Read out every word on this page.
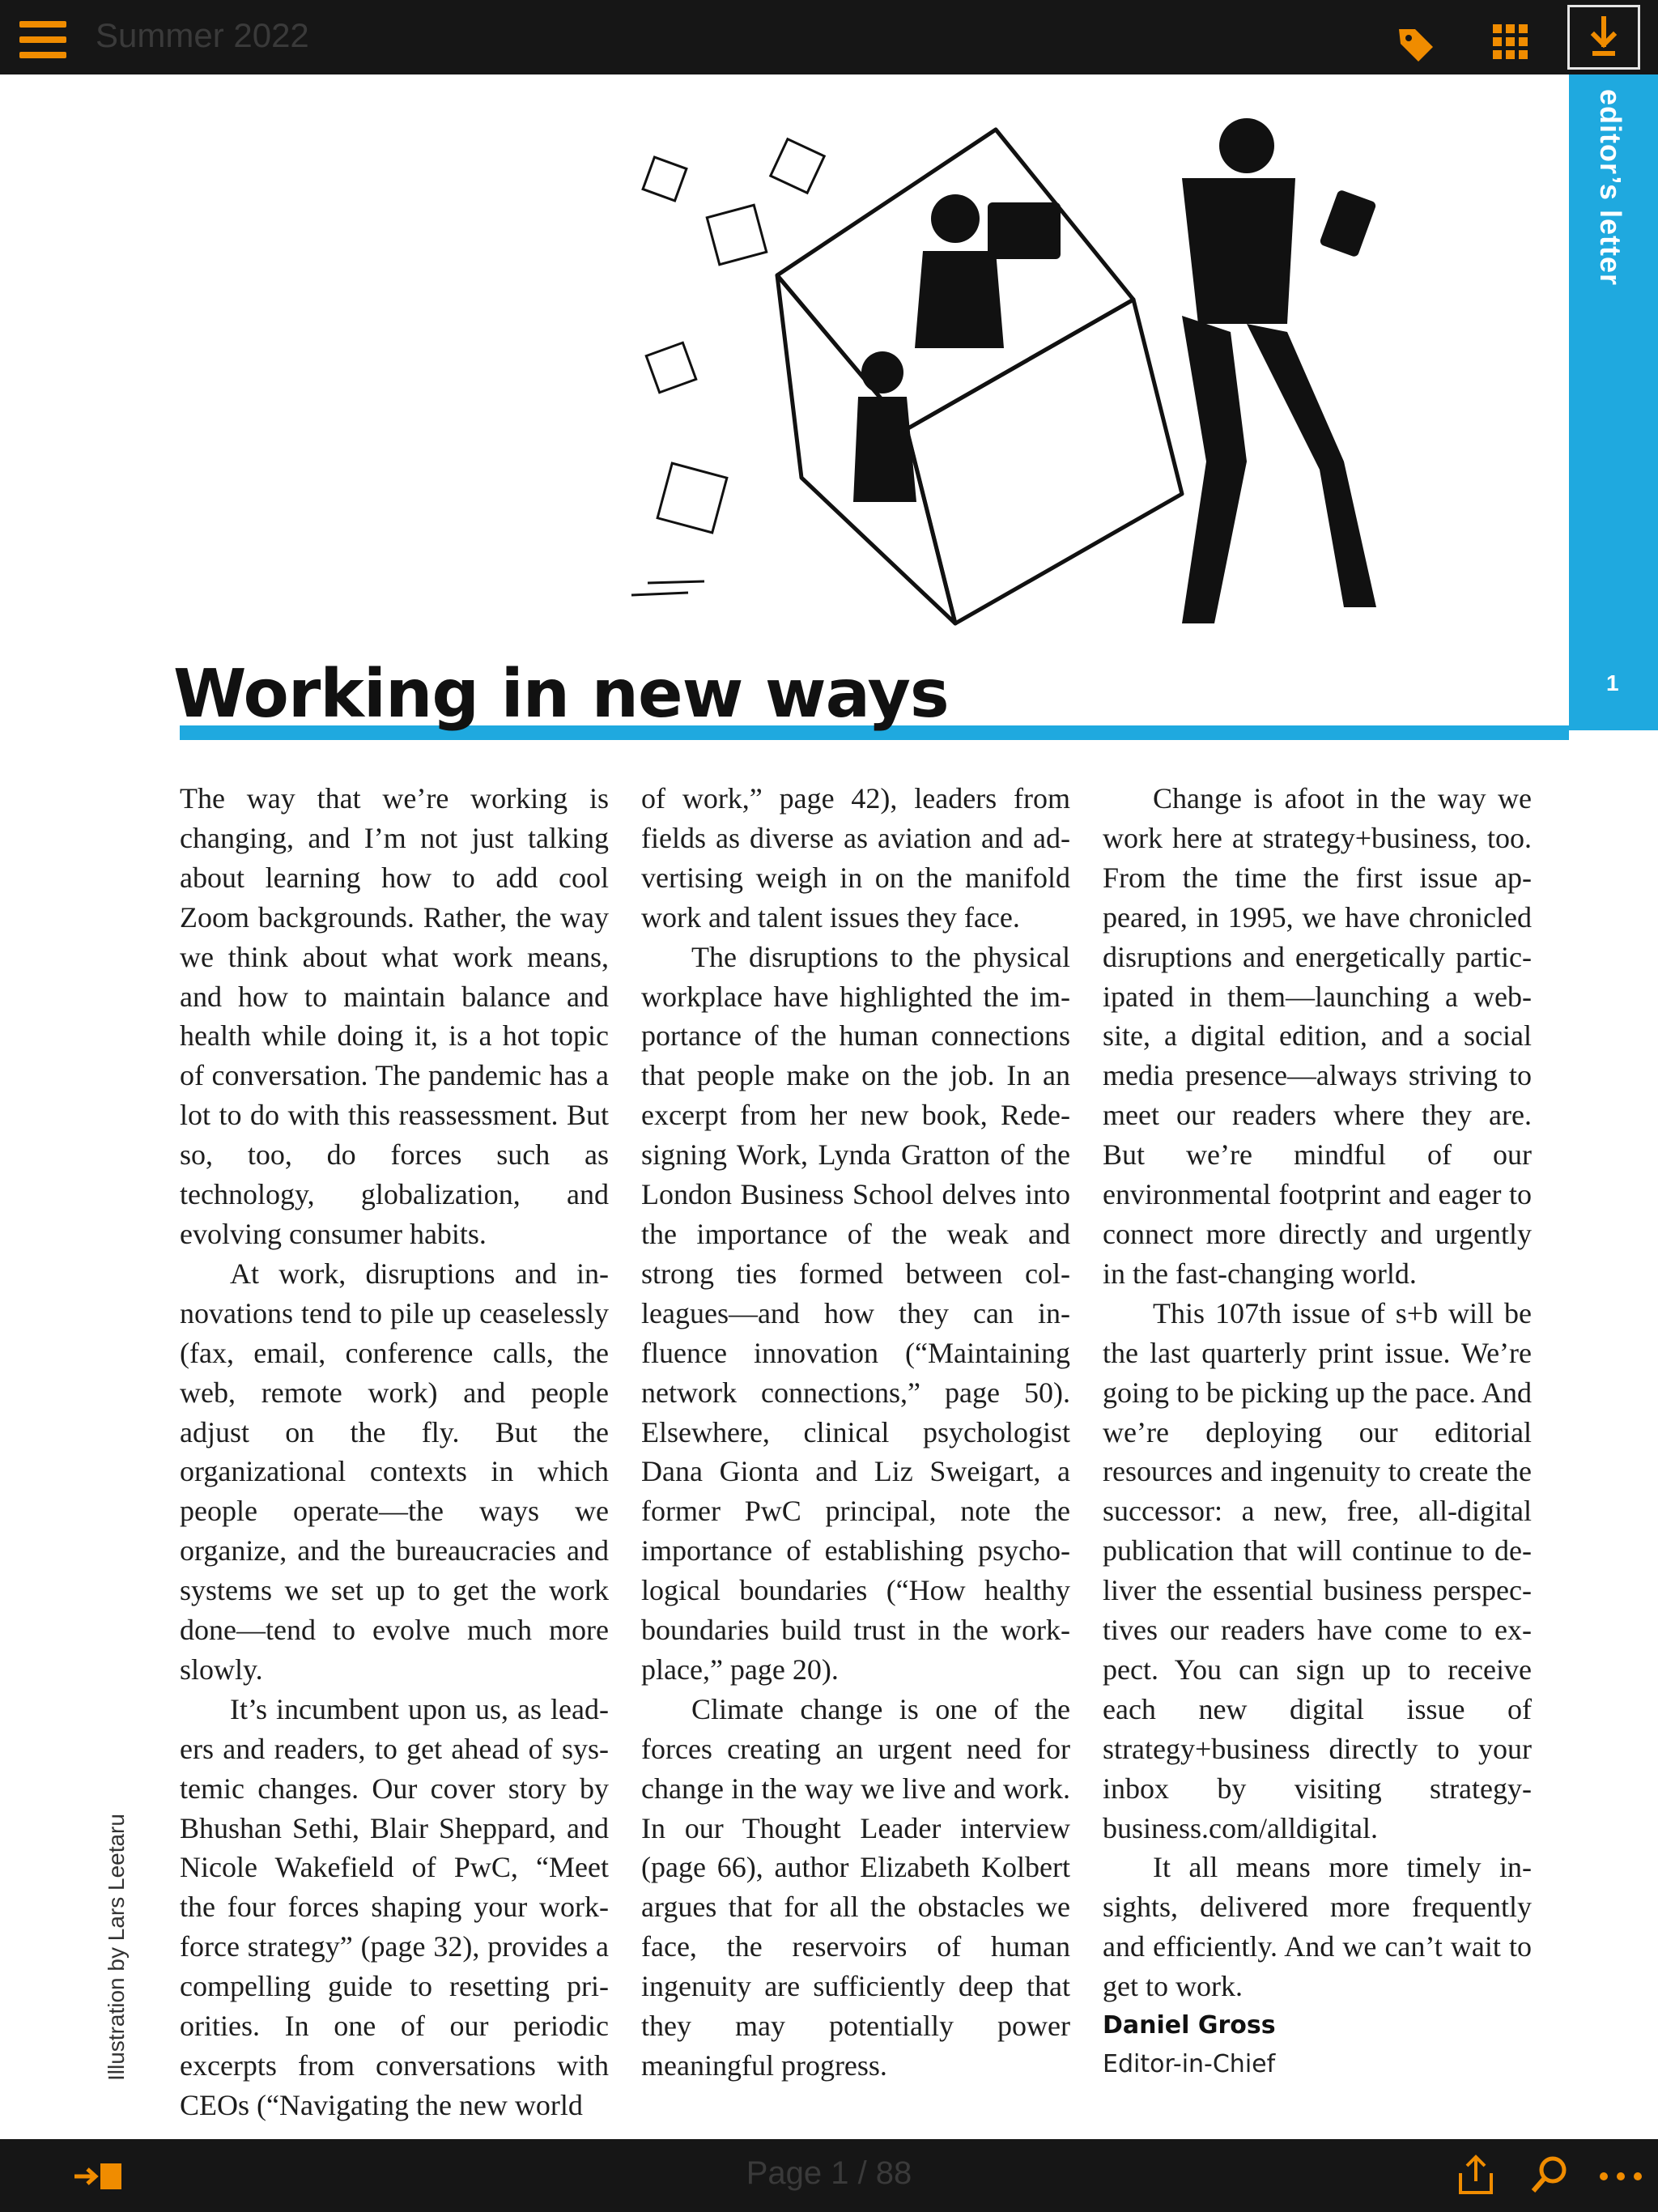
Summer 2022
editor’s letter
1
Working in new ways
Illustration by Lars Leetaru

The way that we’re working is changing, and I’m not just talking about learning how to add cool Zoom backgrounds. Rather, the way we think about what work means, and how to maintain balance and health while doing it, is a hot topic of conversation. The pandemic has a lot to do with this reassessment. But so, too, do forces such as technology, globalization, and evolving consumer habits.

At work, disruptions and innovations tend to pile up ceaselessly (fax, email, conference calls, the web, remote work) and people adjust on the fly. But the organizational contexts in which people operate—the ways we organize, and the bureaucracies and systems we set up to get the work done—tend to evolve much more slowly.

It’s incumbent upon us, as leaders and readers, to get ahead of systemic changes. Our cover story by Bhushan Sethi, Blair Sheppard, and Nicole Wakefield of PwC, “Meet the four forces shaping your workforce strategy” (page 32), provides a compelling guide to resetting priorities. In one of our periodic excerpts from conversations with CEOs (“Navigating the new world

of work,” page 42), leaders from fields as diverse as aviation and advertising weigh in on the manifold work and talent issues they face.

The disruptions to the physical workplace have highlighted the importance of the human connections that people make on the job. In an excerpt from her new book, Redesigning Work, Lynda Gratton of the London Business School delves into the importance of the weak and strong ties formed between colleagues—and how they can influence innovation (“Maintaining network connections,” page 50). Elsewhere, clinical psychologist Dana Gionta and Liz Sweigart, a former PwC principal, note the importance of establishing psychological boundaries (“How healthy boundaries build trust in the workplace,” page 20).

Climate change is one of the forces creating an urgent need for change in the way we live and work. In our Thought Leader interview (page 66), author Elizabeth Kolbert argues that for all the obstacles we face, the reservoirs of human ingenuity are sufficiently deep that they may potentially power meaningful progress.

Change is afoot in the way we work here at strategy+business, too. From the time the first issue appeared, in 1995, we have chronicled disruptions and energetically participated in them—launching a website, a digital edition, and a social media presence—always striving to meet our readers where they are. But we’re mindful of our environmental footprint and eager to connect more directly and urgently in the fast-changing world.

This 107th issue of s+b will be the last quarterly print issue. We’re going to be picking up the pace. And we’re deploying our editorial resources and ingenuity to create the successor: a new, free, all-digital publication that will continue to deliver the essential business perspectives our readers have come to expect. You can sign up to receive each new digital issue of strategy+business directly to your inbox by visiting strategy-business.com/alldigital.

It all means more timely insights, delivered more frequently and efficiently. And we can’t wait to get to work.

Daniel Gross
Editor-in-Chief
Page 1 / 88
